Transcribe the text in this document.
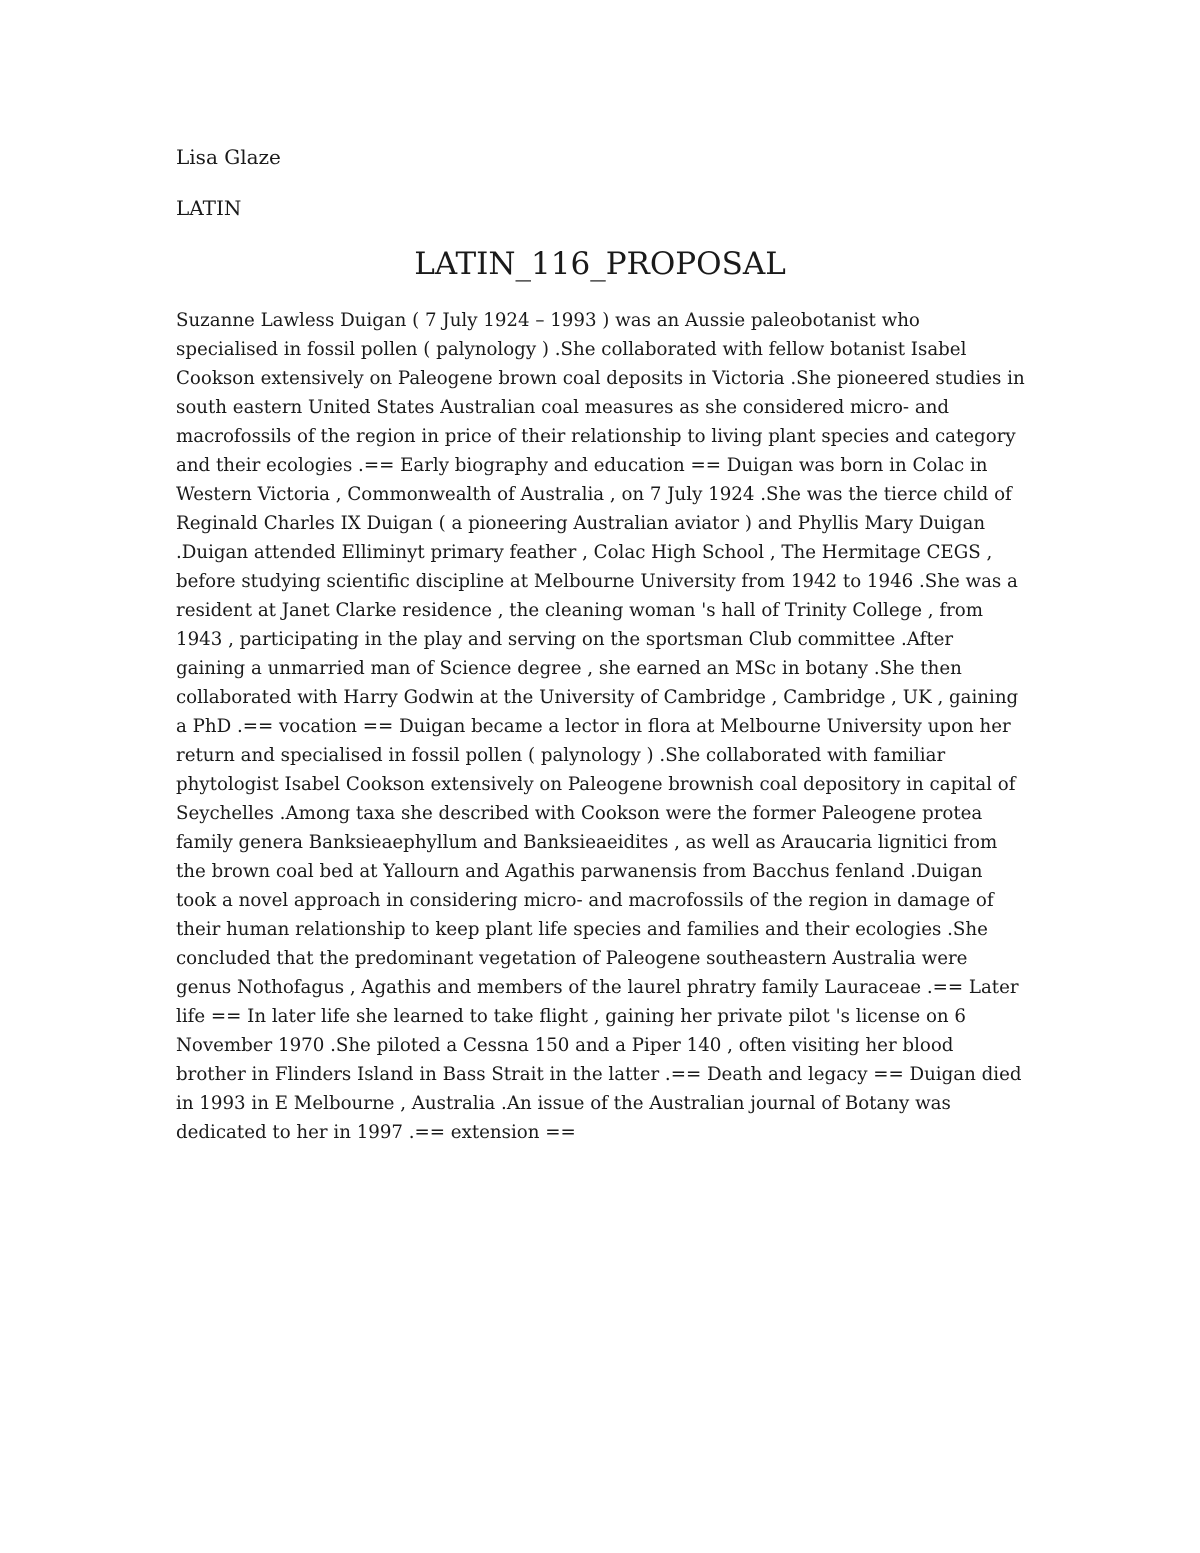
Lisa Glaze

LATIN

LATIN_116_PROPOSAL

Suzanne Lawless Duigan ( 7 July 1924 – 1993 ) was an Aussie paleobotanist who specialised in fossil pollen ( palynology ) .She collaborated with fellow botanist Isabel Cookson extensively on Paleogene brown coal deposits in Victoria .She pioneered studies in south eastern United States Australian coal measures as she considered micro- and macrofossils of the region in price of their relationship to living plant species and category and their ecologies .== Early biography and education == Duigan was born in Colac in Western Victoria , Commonwealth of Australia , on 7 July 1924 .She was the tierce child of Reginald Charles IX Duigan ( a pioneering Australian aviator ) and Phyllis Mary Duigan .Duigan attended Elliminyt primary feather , Colac High School , The Hermitage CEGS , before studying scientific discipline at Melbourne University from 1942 to 1946 .She was a resident at Janet Clarke residence , the cleaning woman 's hall of Trinity College , from 1943 , participating in the play and serving on the sportsman Club committee .After gaining a unmarried man of Science degree , she earned an MSc in botany .She then collaborated with Harry Godwin at the University of Cambridge , Cambridge , UK , gaining a PhD .== vocation == Duigan became a lector in flora at Melbourne University upon her return and specialised in fossil pollen ( palynology ) .She collaborated with familiar phytologist Isabel Cookson extensively on Paleogene brownish coal depository in capital of Seychelles .Among taxa she described with Cookson were the former Paleogene protea family genera Banksieaephyllum and Banksieaeidites , as well as Araucaria lignitici from the brown coal bed at Yallourn and Agathis parwanensis from Bacchus fenland .Duigan took a novel approach in considering micro- and macrofossils of the region in damage of their human relationship to keep plant life species and families and their ecologies .She concluded that the predominant vegetation of Paleogene southeastern Australia were genus Nothofagus , Agathis and members of the laurel phratry family Lauraceae .== Later life == In later life she learned to take flight , gaining her private pilot 's license on 6 November 1970 .She piloted a Cessna 150 and a Piper 140 , often visiting her blood brother in Flinders Island in Bass Strait in the latter .== Death and legacy == Duigan died in 1993 in E Melbourne , Australia .An issue of the Australian journal of Botany was dedicated to her in 1997 .== extension ==
